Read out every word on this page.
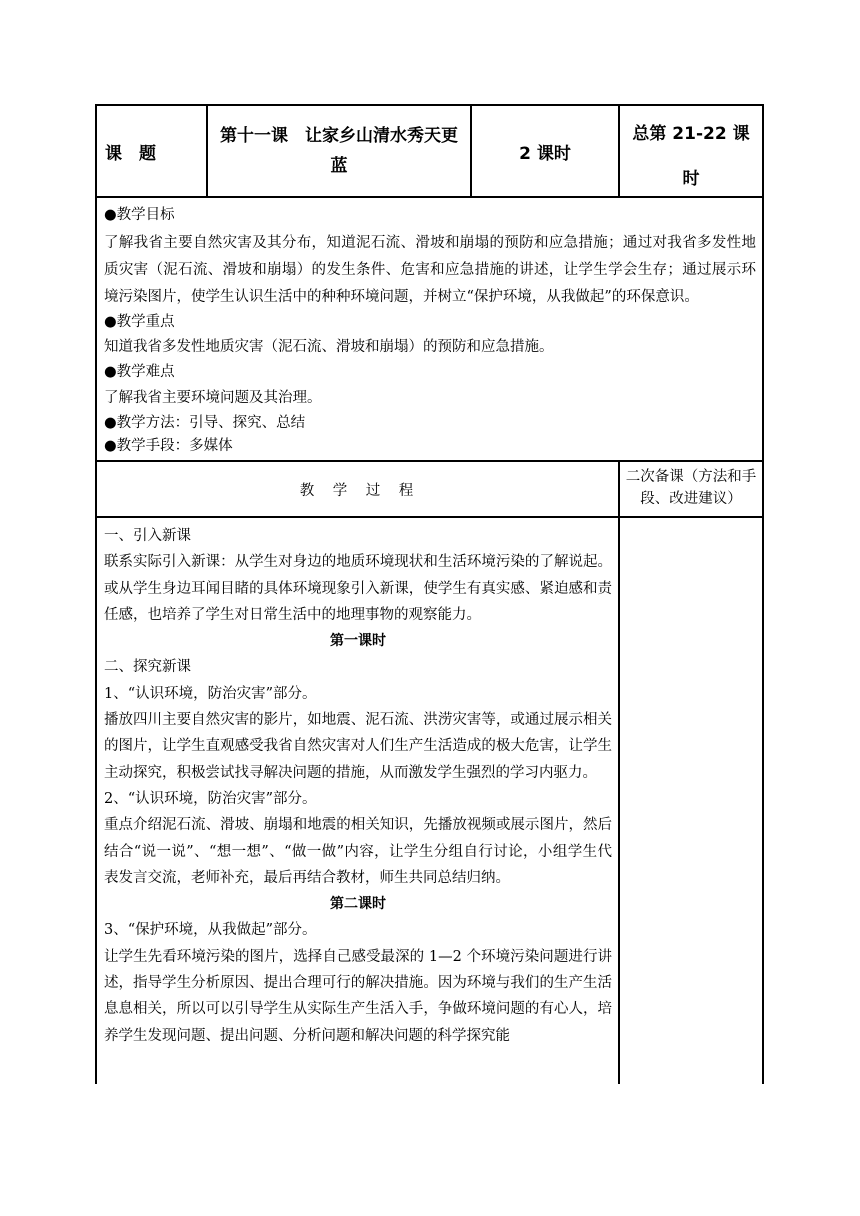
课　题
第十一课　让家乡山清水秀天更蓝
2 课时
总第 21-22 课
时

●教学目标

了解我省主要自然灾害及其分布，知道泥石流、滑坡和崩塌的预防和应急措施；通过对我省多发性地质灾害（泥石流、滑坡和崩塌）的发生条件、危害和应急措施的讲述，让学生学会生存；通过展示环境污染图片，使学生认识生活中的种种环境问题，并树立“保护环境，从我做起”的环保意识。

●教学重点

知道我省多发性地质灾害（泥石流、滑坡和崩塌）的预防和应急措施。

●教学难点

了解我省主要环境问题及其治理。

●教学方法：引导、探究、总结

●教学手段：多媒体

教　学　过　程
二次备课（方法和手段、改进建议）

一、引入新课

联系实际引入新课：从学生对身边的地质环境现状和生活环境污染的了解说起。或从学生身边耳闻目睹的具体环境现象引入新课，使学生有真实感、紧迫感和责任感，也培养了学生对日常生活中的地理事物的观察能力。

第一课时

二、探究新课

1、“认识环境，防治灾害”部分。

播放四川主要自然灾害的影片，如地震、泥石流、洪涝灾害等，或通过展示相关的图片，让学生直观感受我省自然灾害对人们生产生活造成的极大危害，让学生主动探究，积极尝试找寻解决问题的措施，从而激发学生强烈的学习内驱力。

2、“认识环境，防治灾害”部分。

重点介绍泥石流、滑坡、崩塌和地震的相关知识，先播放视频或展示图片，然后结合“说一说”、“想一想”、“做一做”内容，让学生分组自行讨论，小组学生代表发言交流，老师补充，最后再结合教材，师生共同总结归纳。

第二课时

3、“保护环境，从我做起”部分。

让学生先看环境污染的图片，选择自己感受最深的 1—2 个环境污染问题进行讲述，指导学生分析原因、提出合理可行的解决措施。因为环境与我们的生产生活息息相关，所以可以引导学生从实际生产生活入手，争做环境问题的有心人，培养学生发现问题、提出问题、分析问题和解决问题的科学探究能
